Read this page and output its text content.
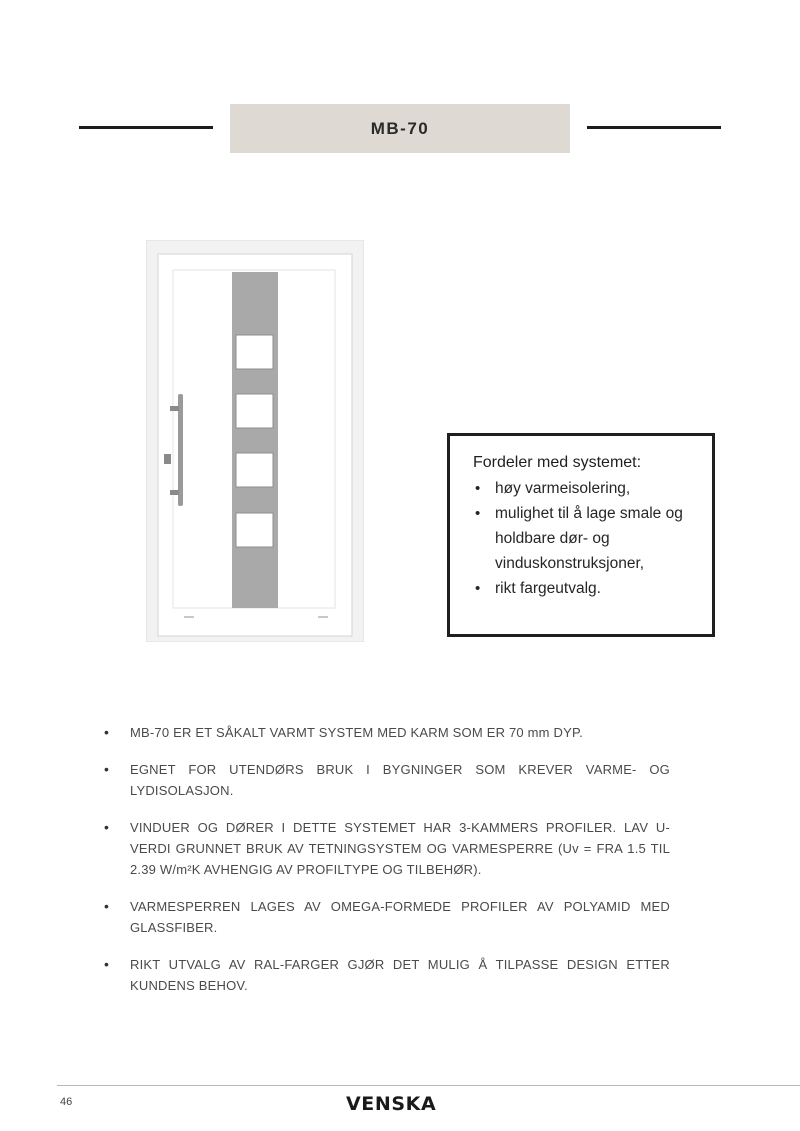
MB-70
Fordeler med systemet:
• høy varmeisolering,
• mulighet til å lage smale og holdbare dør- og vinduskonstruksjoner,
• rikt fargeutvalg.
• MB-70 ER ET SÅKALT VARMT SYSTEM MED KARM SOM ER 70 mm DYP.
• EGNET FOR UTENDØRS BRUK I BYGNINGER SOM KREVER VARME- OG LYDISOLASJON.
• VINDUER OG DØRER I DETTE SYSTEMET HAR 3-KAMMERS PROFILER. LAV U-VERDI GRUNNET BRUK AV TETNINGSYSTEM OG VARMESPERRE (Uv = FRA 1.5 TIL 2.39 W/m²K AVHENGIG AV PROFILTYPE OG TILBEHØR).
• VARMESPERREN LAGES AV OMEGA-FORMEDE PROFILER AV POLYAMID MED GLASSFIBER.
• RIKT UTVALG AV RAL-FARGER GJØR DET MULIG Å TILPASSE DESIGN ETTER KUNDENS BEHOV.
46	VENSKA
